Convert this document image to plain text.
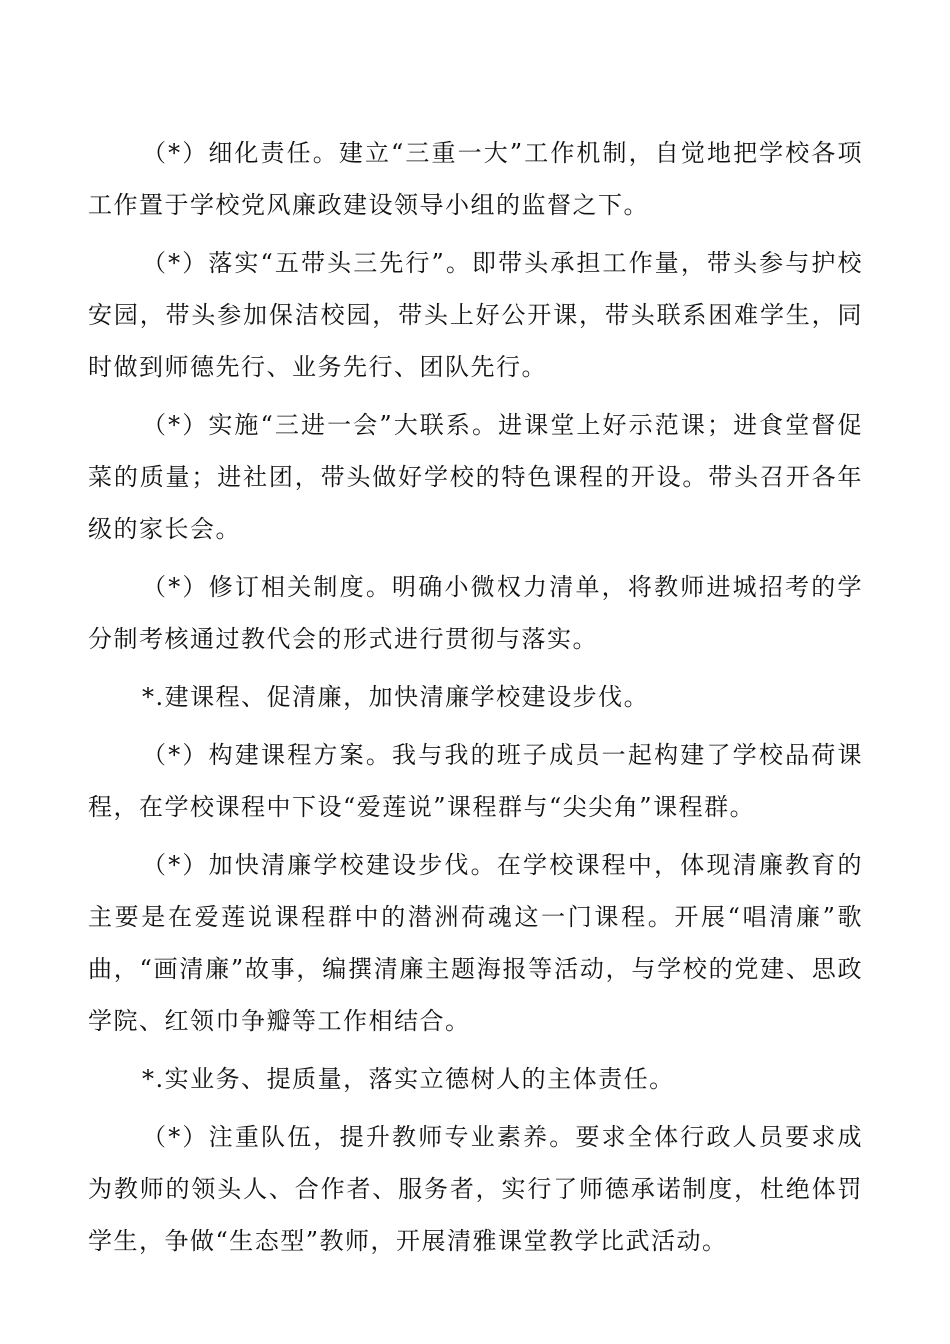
（*）细化责任。建立“三重一大”工作机制，自觉地把学校各项工作置于学校党风廉政建设领导小组的监督之下。

（*）落实“五带头三先行”。即带头承担工作量，带头参与护校安园，带头参加保洁校园，带头上好公开课，带头联系困难学生，同时做到师德先行、业务先行、团队先行。

（*）实施“三进一会”大联系。进课堂上好示范课；进食堂督促菜的质量；进社团，带头做好学校的特色课程的开设。带头召开各年级的家长会。

（*）修订相关制度。明确小微权力清单，将教师进城招考的学分制考核通过教代会的形式进行贯彻与落实。

*.建课程、促清廉，加快清廉学校建设步伐。

（*）构建课程方案。我与我的班子成员一起构建了学校品荷课程，在学校课程中下设“爱莲说”课程群与“尖尖角”课程群。

（*）加快清廉学校建设步伐。在学校课程中，体现清廉教育的主要是在爱莲说课程群中的潜洲荷魂这一门课程。开展“唱清廉”歌曲，“画清廉”故事，编撰清廉主题海报等活动，与学校的党建、思政学院、红领巾争瓣等工作相结合。

*.实业务、提质量，落实立德树人的主体责任。

（*）注重队伍，提升教师专业素养。要求全体行政人员要求成为教师的领头人、合作者、服务者，实行了师德承诺制度，杜绝体罚学生，争做“生态型”教师，开展清雅课堂教学比武活动。
